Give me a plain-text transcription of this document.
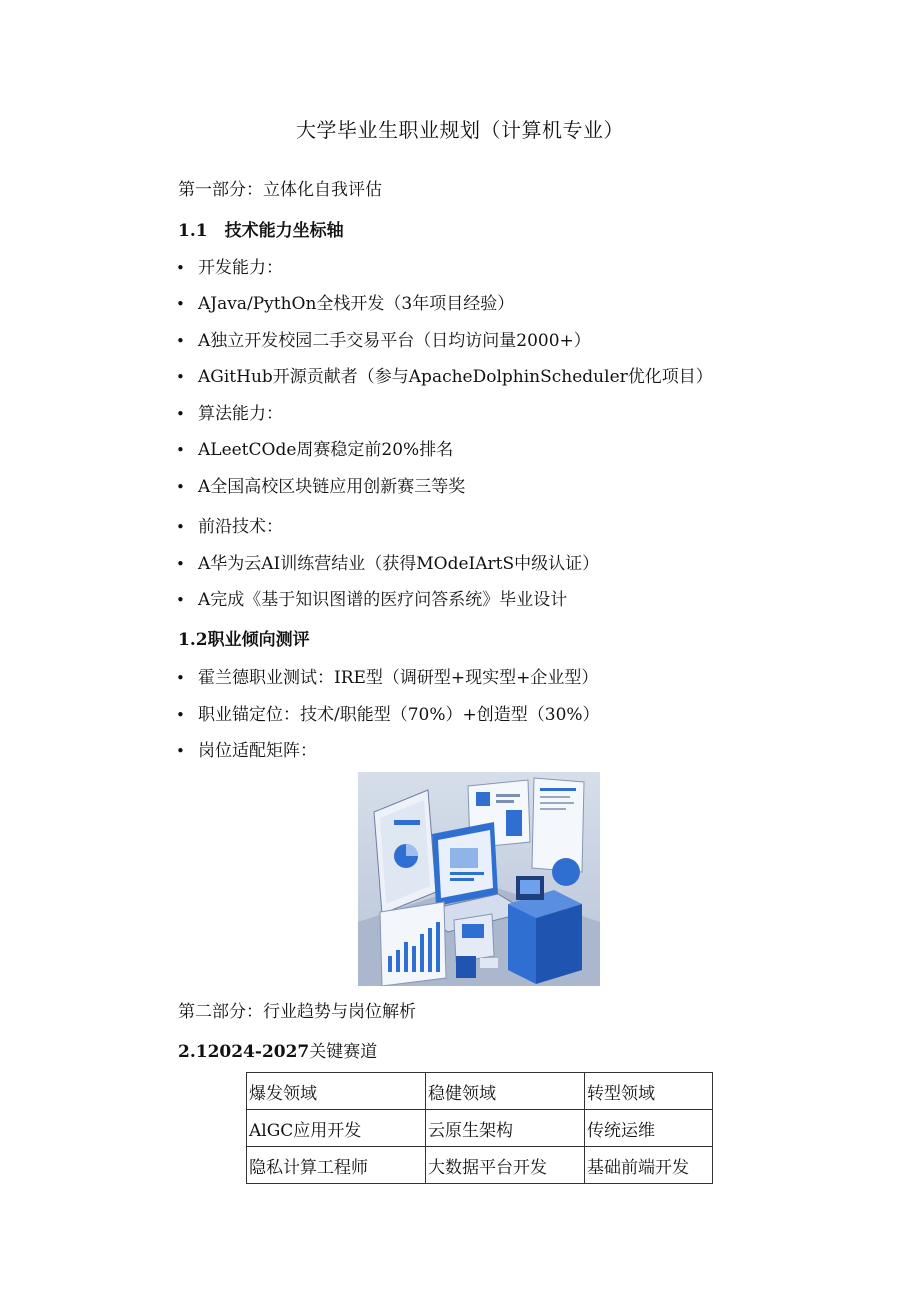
大学毕业生职业规划（计算机专业）
第一部分：立体化自我评估
1.1　技术能力坐标轴
• 开发能力：
• AJava/PythOn全栈开发（3年项目经验）
• A独立开发校园二手交易平台（日均访问量2000+）
• AGitHub开源贡献者（参与ApacheDolphinScheduler优化项目）
• 算法能力：
• ALeetCOde周赛稳定前20%排名
• A全国高校区块链应用创新赛三等奖
• 前沿技术：
• A华为云AI训练营结业（获得MOdeIArtS中级认证）
• A完成《基于知识图谱的医疗问答系统》毕业设计
1.2职业倾向测评
• 霍兰德职业测试：IRE型（调研型+现实型+企业型）
• 职业锚定位：技术/职能型（70%）+创造型（30%）
• 岗位适配矩阵：
第二部分：行业趋势与岗位解析
2.12024-2027关键赛道
爆发领域	稳健领域	转型领域
AlGC应用开发	云原生架构	传统运维
隐私计算工程师	大数据平台开发	基础前端开发
